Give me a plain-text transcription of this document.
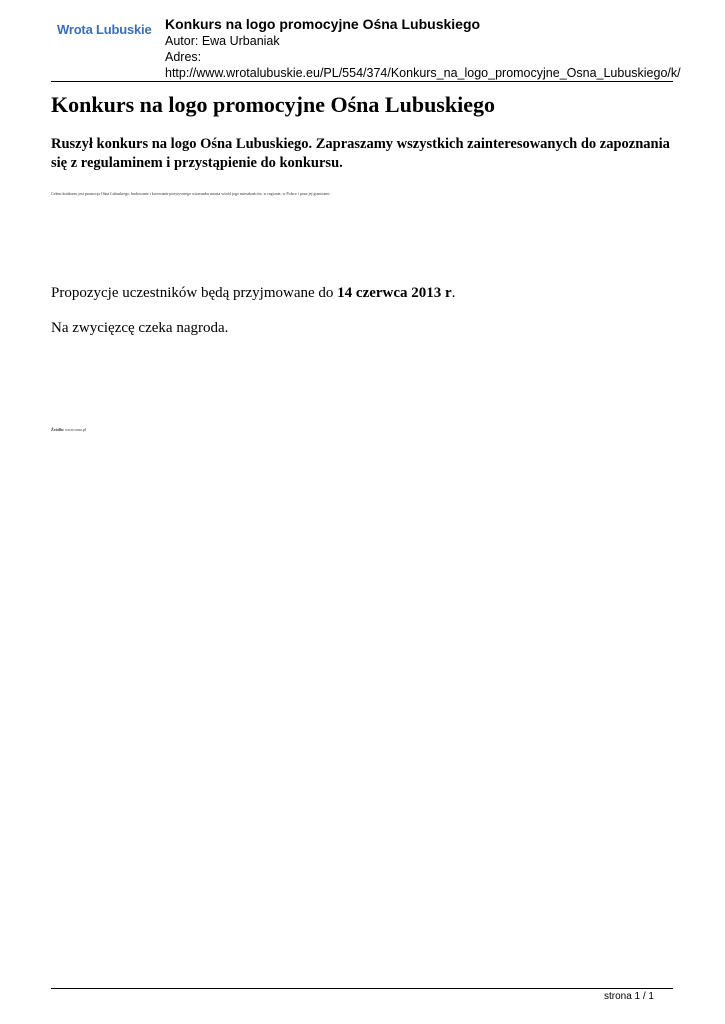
Wrota Lubuskie Konkurs na logo promocyjne Ośna Lubuskiego
Autor: Ewa Urbaniak
Adres:
http://www.wrotalubuskie.eu/PL/554/374/Konkurs_na_logo_promocyjne_Osna_Lubuskiego/k/
Konkurs na logo promocyjne Ośna Lubuskiego
Ruszył konkurs na logo Ośna Lubuskiego. Zapraszamy wszystkich zainteresowanych do zapoznania się z regulaminem i przystąpienie do konkursu.
Celem konkursu jest promocja Ośna Lubuskiego, budowanie i kreowanie pozytywnego wizerunku miasta wśród jego mieszkańców, w regionie, w Polsce i poza jej granicami.
Propozycje uczestników będą przyjmowane do 14 czerwca 2013 r.
Na zwycięzcę czeka nagroda.
Źródło: www.osno.pl
strona 1 / 1
